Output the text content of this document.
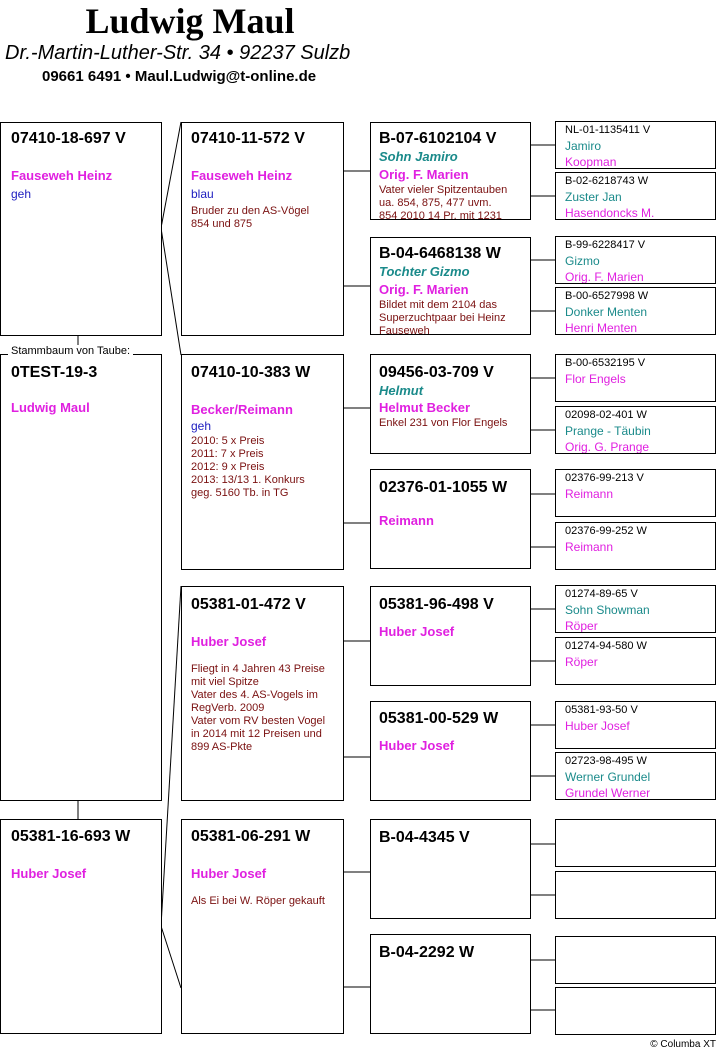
Ludwig Maul
Dr.-Martin-Luther-Str. 34 • 92237 Sulzb
09661 6491 • Maul.Ludwig@t-online.de
07410-18-697 V
Fauseweh Heinz
geh
0TEST-19-3
Ludwig Maul
Stammbaum von Taube:
05381-16-693 W
Huber Josef
07410-11-572 V
Fauseweh Heinz
blau
Bruder zu den AS-Vögel
854 und 875
07410-10-383 W
Becker/Reimann
geh
2010: 5 x Preis
2011: 7 x Preis
2012: 9 x Preis
2013: 13/13 1. Konkurs
geg. 5160 Tb. in TG
05381-01-472 V
Huber Josef
Fliegt in 4 Jahren 43 Preise
mit viel Spitze
Vater des 4. AS-Vogels im
RegVerb. 2009
Vater vom RV besten Vogel
in 2014 mit 12 Preisen und
899 AS-Pkte
05381-06-291 W
Huber Josef
Als Ei bei W. Röper gekauft
B-07-6102104 V
Sohn Jamiro
Orig. F. Marien
Vater vieler Spitzentauben
ua. 854, 875, 477 uvm.
854 2010 14 Pr. mit 1231
B-04-6468138 W
Tochter Gizmo
Orig. F. Marien
Bildet mit dem 2104 das
Superzuchtpaar bei Heinz
Fauseweh
09456-03-709 V
Helmut
Helmut Becker
Enkel 231 von Flor Engels
02376-01-1055 W
Reimann
05381-96-498 V
Huber Josef
05381-00-529 W
Huber Josef
B-04-4345 V
B-04-2292 W
NL-01-1135411 V
Jamiro
Koopman
B-02-6218743 W
Zuster Jan
Hasendoncks M.
B-99-6228417 V
Gizmo
Orig. F. Marien
B-00-6527998 W
Donker Menten
Henri Menten
B-00-6532195 V
Flor Engels
02098-02-401 W
Prange - Täubin
Orig. G. Prange
02376-99-213 V
Reimann
02376-99-252 W
Reimann
01274-89-65 V
Sohn Showman
Röper
01274-94-580 W
Röper
05381-93-50 V
Huber Josef
02723-98-495 W
Werner Grundel
Grundel Werner
© Columba XT
